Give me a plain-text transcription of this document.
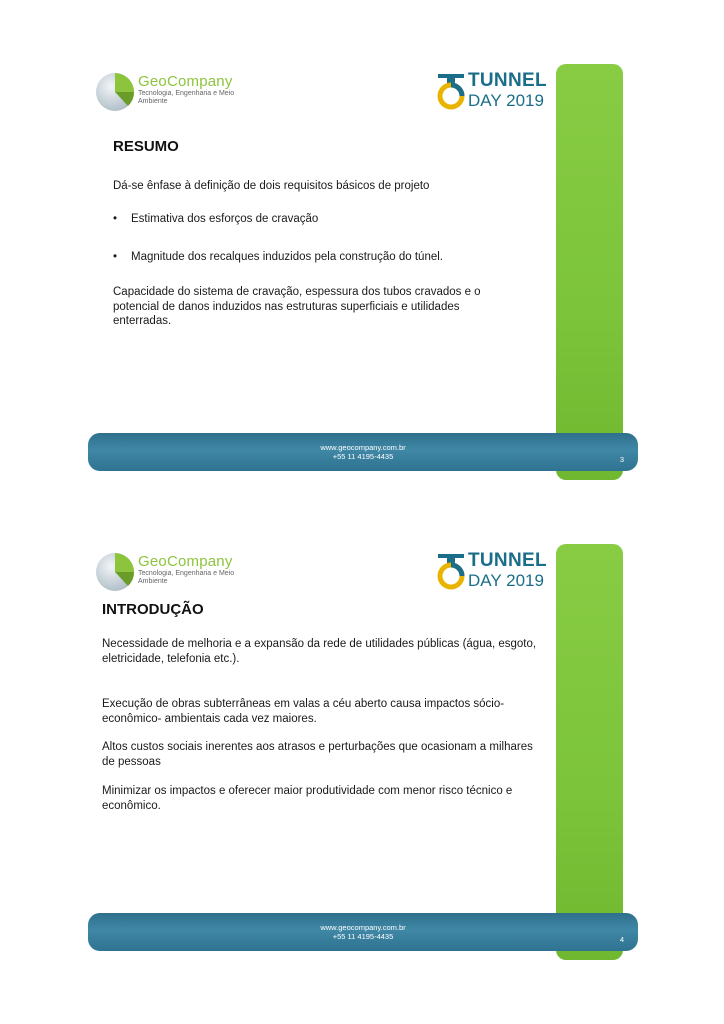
GeoCompany
Tecnologia, Engenharia e Meio Ambiente
TUNNEL
DAY 2019
RESUMO
Dá-se ênfase à definição de dois requisitos básicos de projeto
• Estimativa dos esforços de cravação
• Magnitude dos recalques induzidos pela construção do túnel.
Capacidade do sistema de cravação, espessura dos tubos cravados e o potencial de danos induzidos nas estruturas superficiais e utilidades enterradas.
www.geocompany.com.br
+55 11 4195-4435	3
GeoCompany
Tecnologia, Engenharia e Meio Ambiente
TUNNEL
DAY 2019
INTRODUÇÃO
Necessidade de melhoria e a expansão da rede de utilidades públicas (água, esgoto, eletricidade, telefonia etc.).
Execução de obras subterrâneas em valas a céu aberto causa impactos sócio-econômico- ambientais cada vez maiores.
Altos custos sociais inerentes aos atrasos e perturbações que ocasionam a milhares de pessoas
Minimizar os impactos e oferecer maior produtividade com menor risco técnico e econômico.
www.geocompany.com.br
+55 11 4195-4435	4
